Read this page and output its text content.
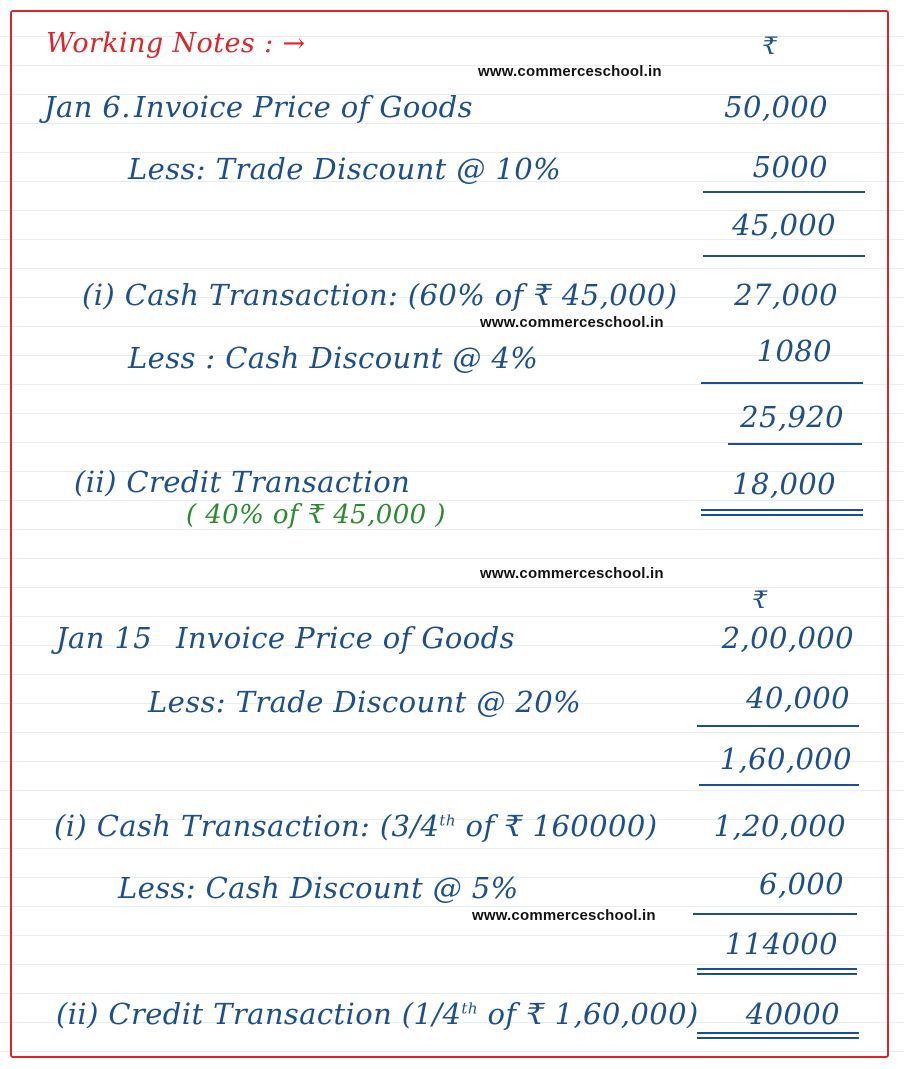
Working Notes : →	₹
www.commerceschool.in
www.commerceschool.in
www.commerceschool.in
www.commerceschool.in
Jan 6. Invoice Price of Goods	50,000
Less: Trade Discount @ 10%	5000
45,000
(i) Cash Transaction: (60% of ₹ 45,000) 27,000
Less : Cash Discount @ 4%	1080
25,920
(ii) Credit Transaction
( 40% of ₹ 45,000 )
18,000
₹
Jan 15 Invoice Price of Goods	2,00,000
Less: Trade Discount @ 20%	40,000
1,60,000
(i) Cash Transaction: (3/4th of ₹ 160000) 1,20,000
Less: Cash Discount @ 5%	6,000
114000
(ii) Credit Transaction (1/4th of ₹ 1,60,000) 40000
